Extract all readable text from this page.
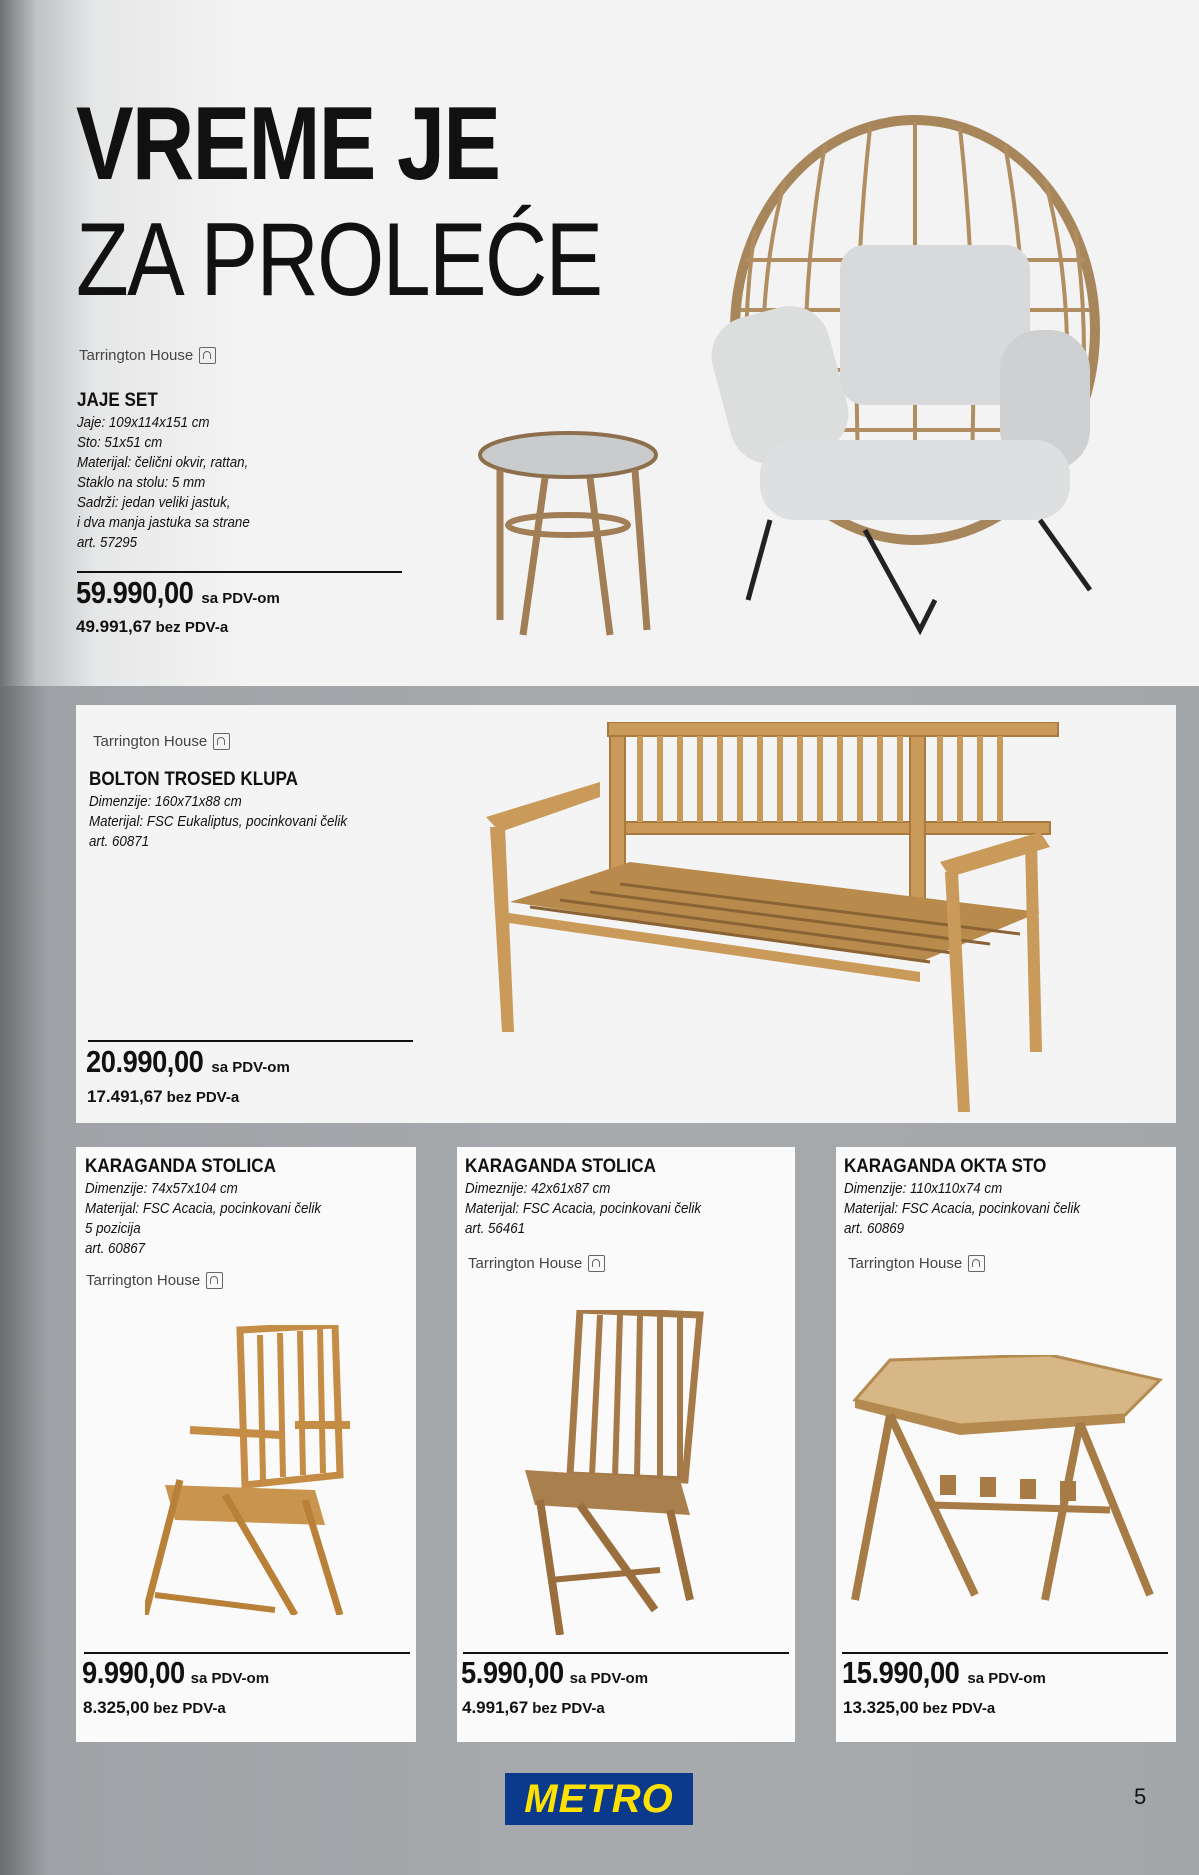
VREME JE
ZA PROLEĆE
Tarrington House
JAJE SET
Jaje: 109x114x151 cm
Sto: 51x51 cm
Materijal: čelični okvir, rattan,
Staklo na stolu: 5 mm
Sadrži: jedan veliki jastuk,
i dva manja jastuka sa strane
art. 57295
59.990,00 sa PDV-om
49.991,67 bez PDV-a
Tarrington House
BOLTON TROSED KLUPA
Dimenzije: 160x71x88 cm
Materijal: FSC Eukaliptus, pocinkovani čelik
art. 60871
20.990,00 sa PDV-om
17.491,67 bez PDV-a
KARAGANDA STOLICA
Dimenzije: 74x57x104 cm
Materijal: FSC Acacia, pocinkovani čelik
5 pozicija
art. 60867
Tarrington House
9.990,00 sa PDV-om
8.325,00 bez PDV-a
KARAGANDA STOLICA
Dimeznije: 42x61x87 cm
Materijal: FSC Acacia, pocinkovani čelik
art. 56461
Tarrington House
5.990,00 sa PDV-om
4.991,67 bez PDV-a
KARAGANDA OKTA STO
Dimenzije: 110x110x74 cm
Materijal: FSC Acacia, pocinkovani čelik
art. 60869
Tarrington House
15.990,00 sa PDV-om
13.325,00 bez PDV-a
METRO	5
